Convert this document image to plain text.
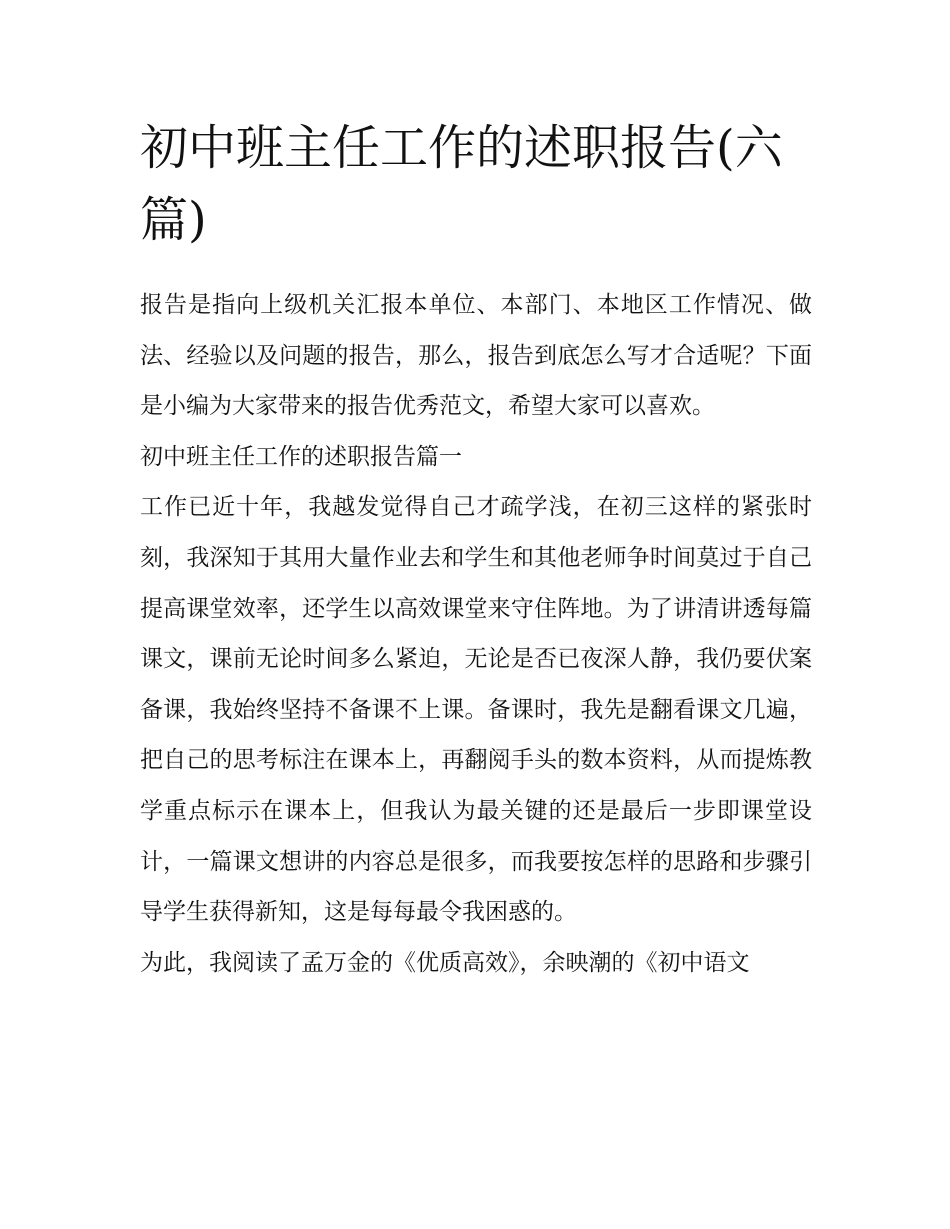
初中班主任工作的述职报告(六篇)

报告是指向上级机关汇报本单位、本部门、本地区工作情况、做法、经验以及问题的报告，那么，报告到底怎么写才合适呢？下面是小编为大家带来的报告优秀范文，希望大家可以喜欢。

初中班主任工作的述职报告篇一

工作已近十年，我越发觉得自己才疏学浅，在初三这样的紧张时刻，我深知于其用大量作业去和学生和其他老师争时间莫过于自己提高课堂效率，还学生以高效课堂来守住阵地。为了讲清讲透每篇课文，课前无论时间多么紧迫，无论是否已夜深人静，我仍要伏案备课，我始终坚持不备课不上课。备课时，我先是翻看课文几遍，把自己的思考标注在课本上，再翻阅手头的数本资料，从而提炼教学重点标示在课本上，但我认为最关键的还是最后一步即课堂设计，一篇课文想讲的内容总是很多，而我要按怎样的思路和步骤引导学生获得新知，这是每每最令我困惑的。

为此，我阅读了孟万金的《优质高效》，余映潮的《初中语文
